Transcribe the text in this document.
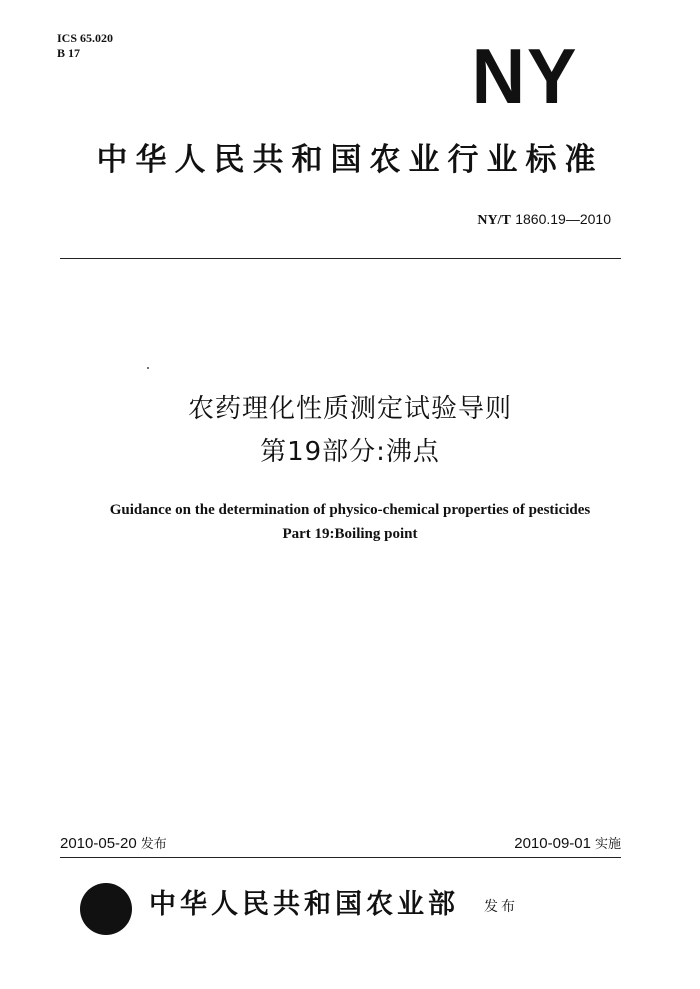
ICS 65.020
B 17	NY
中华人民共和国农业行业标准
NY/T 1860.19—2010
农药理化性质测定试验导则
第19部分:沸点
Guidance on the determination of physico-chemical properties of pesticides
Part 19:Boiling point
2010-05-20 发布	2010-09-01 实施
中华人民共和国农业部 发布
